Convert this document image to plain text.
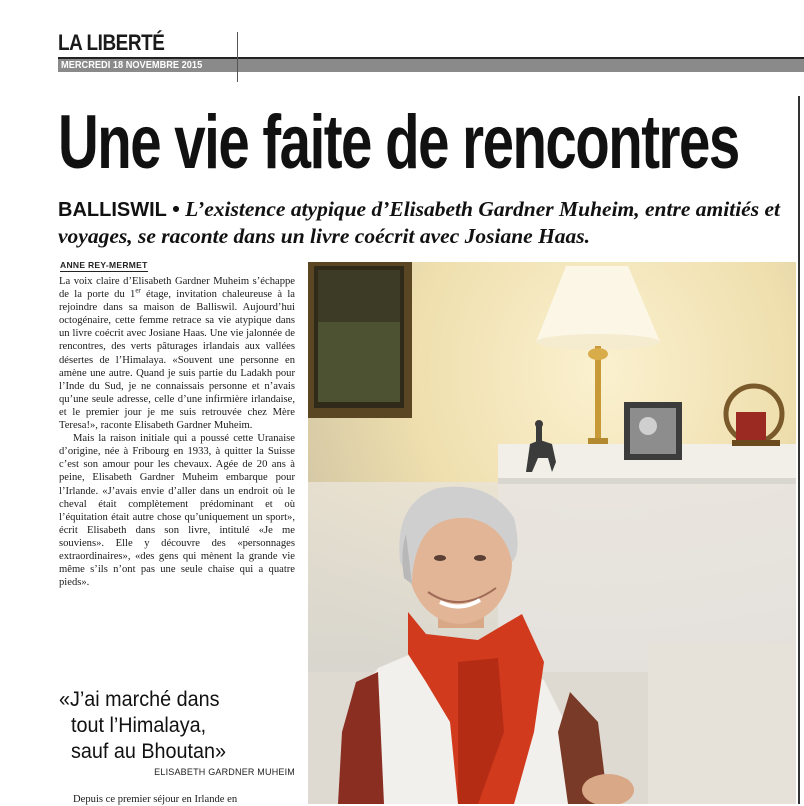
LA LIBERTÉ
MERCREDI 18 NOVEMBRE 2015
Une vie faite de rencontres
BALLISWIL • L’existence atypique d’Elisabeth Gardner Muheim, entre amitiés et voyages, se raconte dans un livre coécrit avec Josiane Haas.
ANNE REY-MERMET

La voix claire d’Elisabeth Gardner Muheim s’échappe de la porte du 1er étage, invitation chaleureuse à la rejoindre dans sa maison de Balliswil. Aujourd’hui octogénaire, cette femme retrace sa vie atypique dans un livre coécrit avec Josiane Haas. Une vie jalonnée de rencontres, des verts pâturages irlandais aux vallées désertes de l’Himalaya. «Souvent une personne en amène une autre. Quand je suis partie du Ladakh pour l’Inde du Sud, je ne connaissais personne et n’avais qu’une seule adresse, celle d’une infirmière irlandaise, et le premier jour je me suis retrouvée chez Mère Teresa!», raconte Elisabeth Gardner Muheim.

Mais la raison initiale qui a poussé cette Uranaise d’origine, née à Fribourg en 1933, à quitter la Suisse c’est son amour pour les chevaux. Agée de 20 ans à peine, Elisabeth Gardner Muheim embarque pour l’Irlande. «J’avais envie d’aller dans un endroit où le cheval était complètement prédominant et où l’équitation était autre chose qu’uniquement un sport», écrit Elisabeth dans son livre, intitulé «Je me souviens». Elle y découvre des «personnages extraordinaires», «des gens qui mènent la grande vie même s’ils n’ont pas une seule chaise qui a quatre pieds».

«J’ai marché dans
tout l’Himalaya,
sauf au Bhoutan»
ELISABETH GARDNER MUHEIM
Depuis ce premier séjour en Irlande en
